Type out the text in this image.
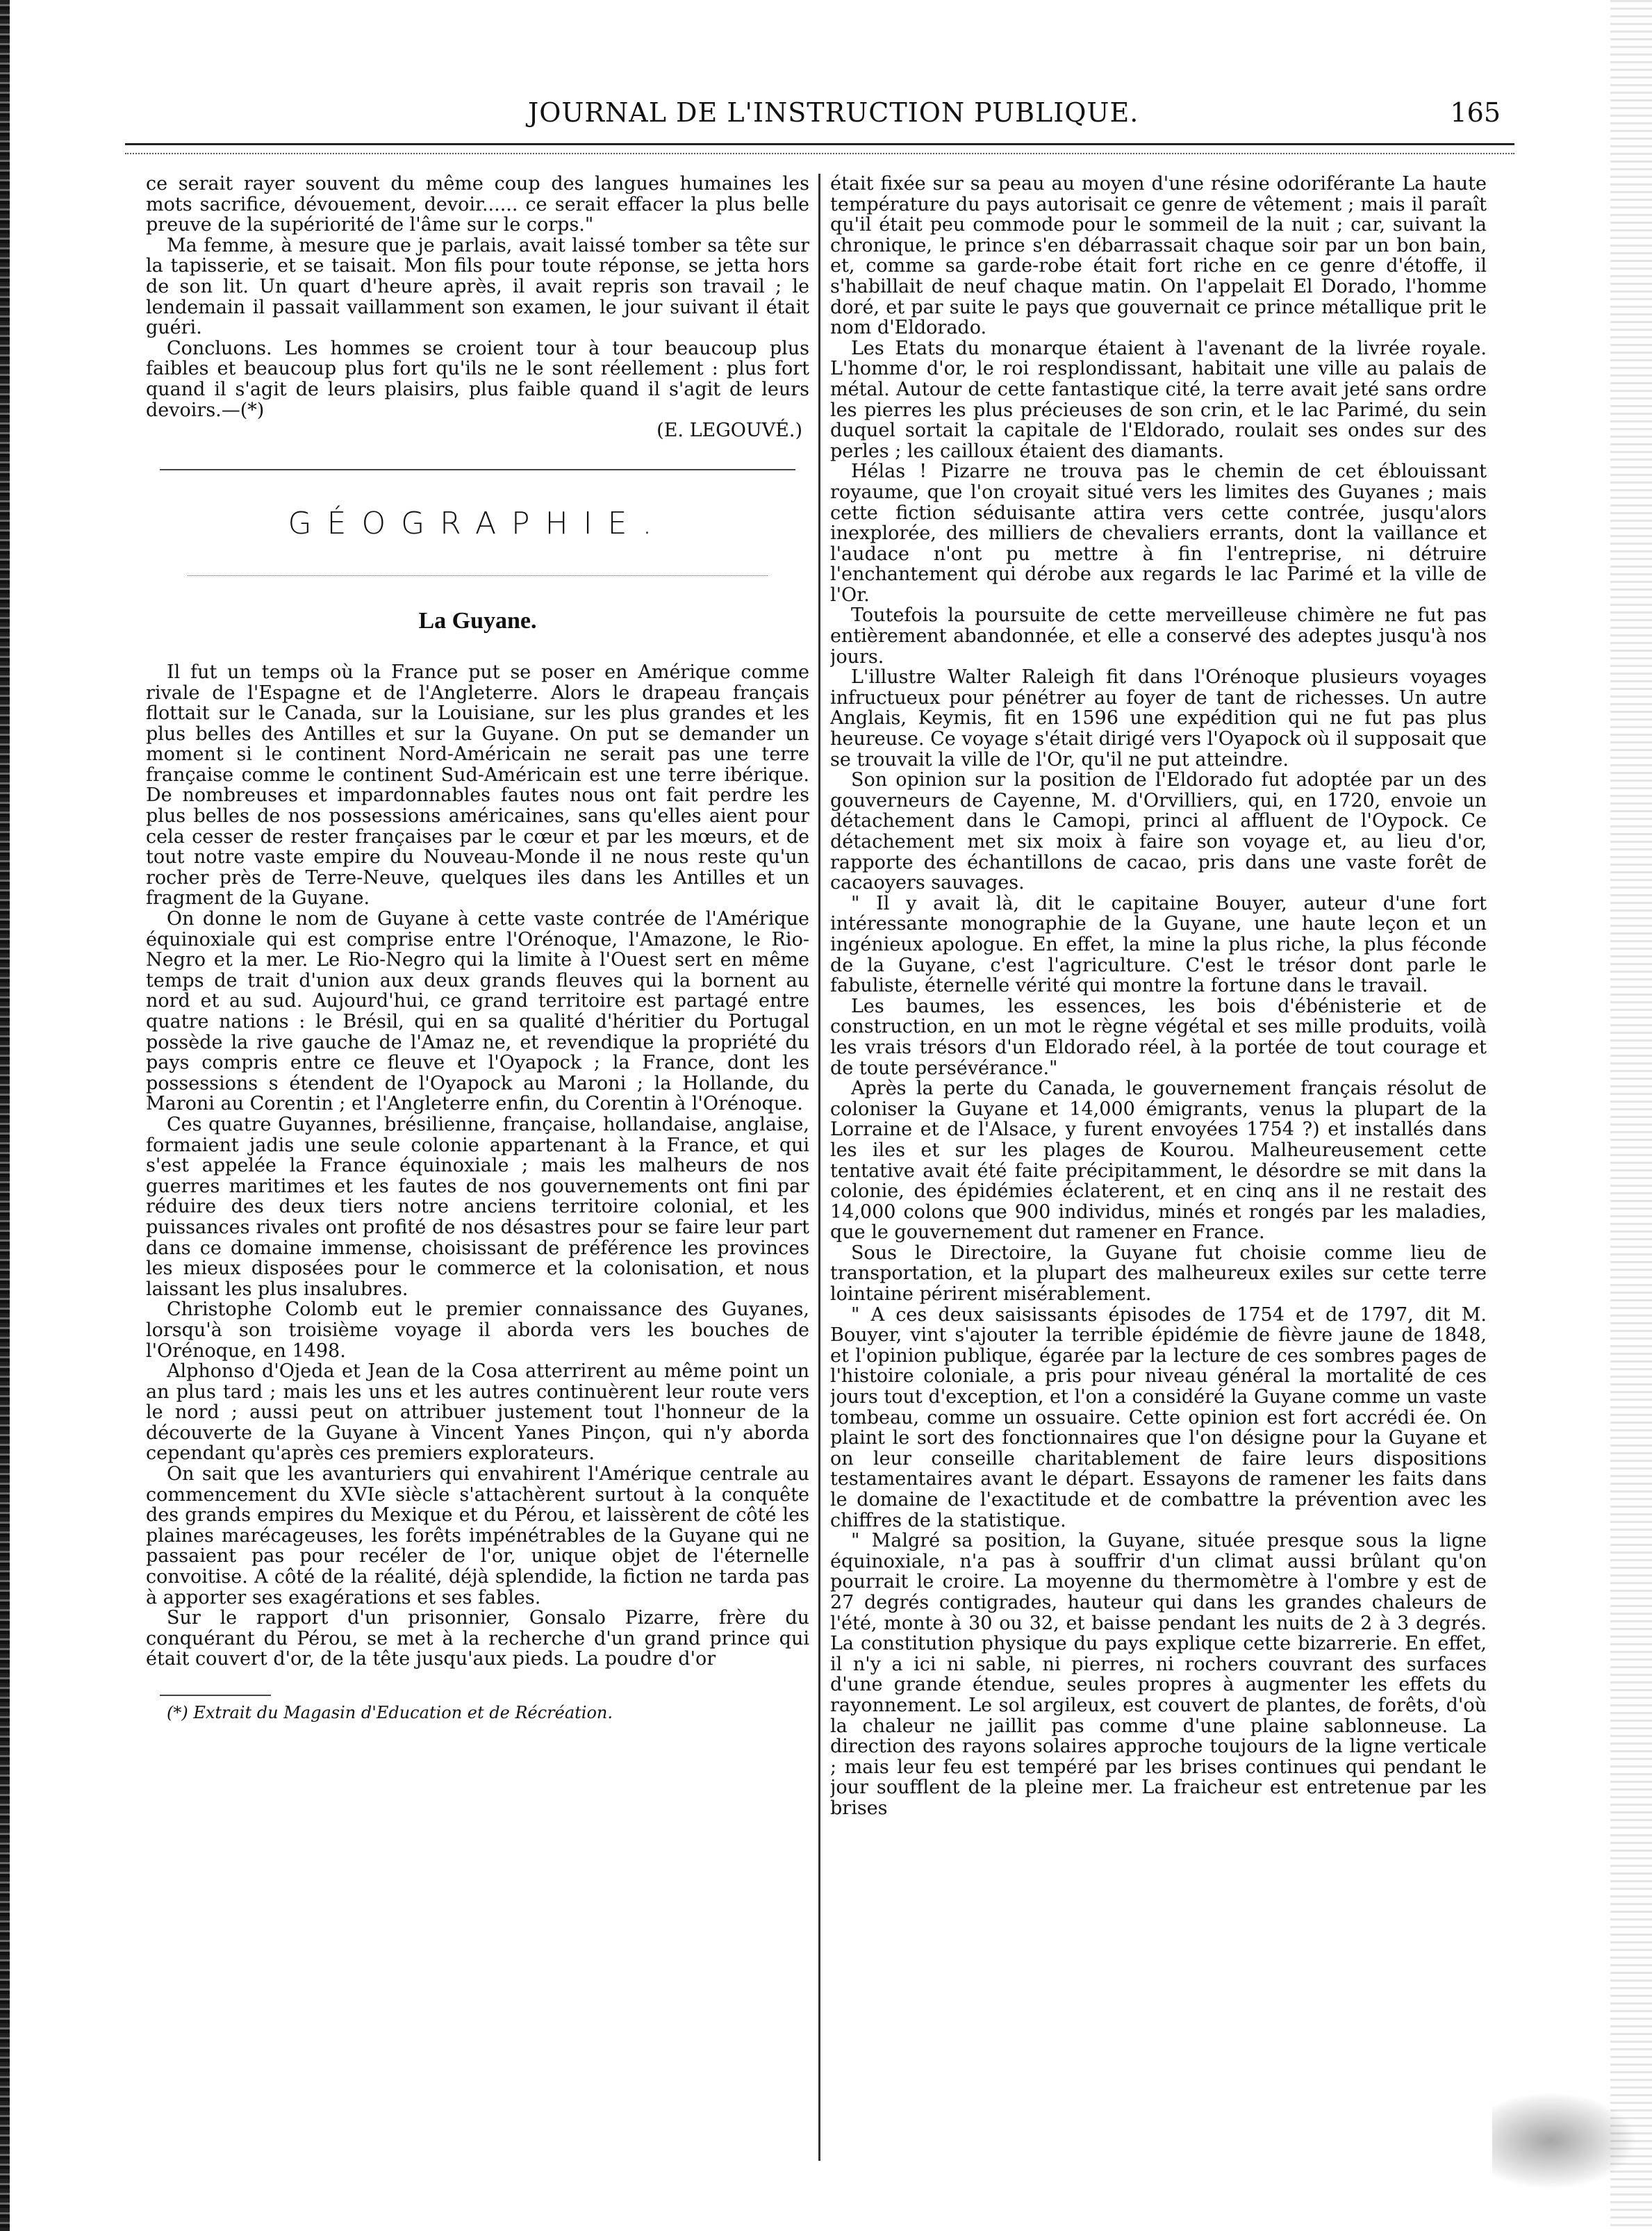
JOURNAL DE L'INSTRUCTION PUBLIQUE.	165

ce serait rayer souvent du même coup des langues humaines les mots sacrifice, dévouement, devoir...... ce serait effacer la plus belle preuve de la supériorité de l'âme sur le corps."

Ma femme, à mesure que je parlais, avait laissé tomber sa tête sur la tapisserie, et se taisait. Mon fils pour toute réponse, se jetta hors de son lit. Un quart d'heure après, il avait repris son travail ; le lendemain il passait vaillamment son examen, le jour suivant il était guéri.

Concluons. Les hommes se croient tour à tour beaucoup plus faibles et beaucoup plus fort qu'ils ne le sont réellement : plus fort quand il s'agit de leurs plaisirs, plus faible quand il s'agit de leurs devoirs.—(*)

(E. LEGOUVÉ.)

GÉOGRAPHIE.
La Guyane.

Il fut un temps où la France put se poser en Amérique comme rivale de l'Espagne et de l'Angleterre. Alors le drapeau français flottait sur le Canada, sur la Louisiane, sur les plus grandes et les plus belles des Antilles et sur la Guyane. On put se demander un moment si le continent Nord-Américain ne serait pas une terre française comme le continent Sud-Américain est une terre ibérique. De nombreuses et impardonnables fautes nous ont fait perdre les plus belles de nos possessions américaines, sans qu'elles aient pour cela cesser de rester françaises par le cœur et par les mœurs, et de tout notre vaste empire du Nouveau-Monde il ne nous reste qu'un rocher près de Terre-Neuve, quelques iles dans les Antilles et un fragment de la Guyane.

On donne le nom de Guyane à cette vaste contrée de l'Amérique équinoxiale qui est comprise entre l'Orénoque, l'Amazone, le Rio-Negro et la mer. Le Rio-Negro qui la limite à l'Ouest sert en même temps de trait d'union aux deux grands fleuves qui la bornent au nord et au sud. Aujourd'hui, ce grand territoire est partagé entre quatre nations : le Brésil, qui en sa qualité d'héritier du Portugal possède la rive gauche de l'Amaz ne, et revendique la propriété du pays compris entre ce fleuve et l'Oyapock ; la France, dont les possessions s étendent de l'Oyapock au Maroni ; la Hollande, du Maroni au Corentin ; et l'Angleterre enfin, du Corentin à l'Orénoque.

Ces quatre Guyannes, brésilienne, française, hollandaise, anglaise, formaient jadis une seule colonie appartenant à la France, et qui s'est appelée la France équinoxiale ; mais les malheurs de nos guerres maritimes et les fautes de nos gouvernements ont fini par réduire des deux tiers notre anciens territoire colonial, et les puissances rivales ont profité de nos désastres pour se faire leur part dans ce domaine immense, choisissant de préférence les provinces les mieux disposées pour le commerce et la colonisation, et nous laissant les plus insalubres.

Christophe Colomb eut le premier connaissance des Guyanes, lorsqu'à son troisième voyage il aborda vers les bouches de l'Orénoque, en 1498.

Alphonso d'Ojeda et Jean de la Cosa atterrirent au même point un an plus tard ; mais les uns et les autres continuèrent leur route vers le nord ; aussi peut on attribuer justement tout l'honneur de la découverte de la Guyane à Vincent Yanes Pinçon, qui n'y aborda cependant qu'après ces premiers explorateurs.

On sait que les avanturiers qui envahirent l'Amérique centrale au commencement du XVIe siècle s'attachèrent surtout à la conquête des grands empires du Mexique et du Pérou, et laissèrent de côté les plaines marécageuses, les forêts impénétrables de la Guyane qui ne passaient pas pour recéler de l'or, unique objet de l'éternelle convoitise. A côté de la réalité, déjà splendide, la fiction ne tarda pas à apporter ses exagérations et ses fables.

Sur le rapport d'un prisonnier, Gonsalo Pizarre, frère du conquérant du Pérou, se met à la recherche d'un grand prince qui était couvert d'or, de la tête jusqu'aux pieds. La poudre d'or

(*) Extrait du Magasin d'Education et de Récréation.

était fixée sur sa peau au moyen d'une résine odoriférante La haute température du pays autorisait ce genre de vêtement ; mais il paraît qu'il était peu commode pour le sommeil de la nuit ; car, suivant la chronique, le prince s'en débarrassait chaque soir par un bon bain, et, comme sa garde-robe était fort riche en ce genre d'étoffe, il s'habillait de neuf chaque matin. On l'appelait El Dorado, l'homme doré, et par suite le pays que gouvernait ce prince métallique prit le nom d'Eldorado.

Les Etats du monarque étaient à l'avenant de la livrée royale. L'homme d'or, le roi resplondissant, habitait une ville au palais de métal. Autour de cette fantastique cité, la terre avait jeté sans ordre les pierres les plus précieuses de son crin, et le lac Parimé, du sein duquel sortait la capitale de l'Eldorado, roulait ses ondes sur des perles ; les cailloux étaient des diamants.

Hélas ! Pizarre ne trouva pas le chemin de cet éblouissant royaume, que l'on croyait situé vers les limites des Guyanes ; mais cette fiction séduisante attira vers cette contrée, jusqu'alors inexplorée, des milliers de chevaliers errants, dont la vaillance et l'audace n'ont pu mettre à fin l'entreprise, ni détruire l'enchantement qui dérobe aux regards le lac Parimé et la ville de l'Or.

Toutefois la poursuite de cette merveilleuse chimère ne fut pas entièrement abandonnée, et elle a conservé des adeptes jusqu'à nos jours.

L'illustre Walter Raleigh fit dans l'Orénoque plusieurs voyages infructueux pour pénétrer au foyer de tant de richesses. Un autre Anglais, Keymis, fit en 1596 une expédition qui ne fut pas plus heureuse. Ce voyage s'était dirigé vers l'Oyapock où il supposait que se trouvait la ville de l'Or, qu'il ne put atteindre.

Son opinion sur la position de l'Eldorado fut adoptée par un des gouverneurs de Cayenne, M. d'Orvilliers, qui, en 1720, envoie un détachement dans le Camopi, princi al affluent de l'Oypock. Ce détachement met six moix à faire son voyage et, au lieu d'or, rapporte des échantillons de cacao, pris dans une vaste forêt de cacaoyers sauvages.

" Il y avait là, dit le capitaine Bouyer, auteur d'une fort intéressante monographie de la Guyane, une haute leçon et un ingénieux apologue. En effet, la mine la plus riche, la plus féconde de la Guyane, c'est l'agriculture. C'est le trésor dont parle le fabuliste, éternelle vérité qui montre la fortune dans le travail.

Les baumes, les essences, les bois d'ébénisterie et de construction, en un mot le règne végétal et ses mille produits, voilà les vrais trésors d'un Eldorado réel, à la portée de tout courage et de toute persévérance."

Après la perte du Canada, le gouvernement français résolut de coloniser la Guyane et 14,000 émigrants, venus la plupart de la Lorraine et de l'Alsace, y furent envoyées 1754 ?) et installés dans les iles et sur les plages de Kourou. Malheureusement cette tentative avait été faite précipitamment, le désordre se mit dans la colonie, des épidémies éclaterent, et en cinq ans il ne restait des 14,000 colons que 900 individus, minés et rongés par les maladies, que le gouvernement dut ramener en France.

Sous le Directoire, la Guyane fut choisie comme lieu de transportation, et la plupart des malheureux exiles sur cette terre lointaine périrent misérablement.

" A ces deux saisissants épisodes de 1754 et de 1797, dit M. Bouyer, vint s'ajouter la terrible épidémie de fièvre jaune de 1848, et l'opinion publique, égarée par la lecture de ces sombres pages de l'histoire coloniale, a pris pour niveau général la mortalité de ces jours tout d'exception, et l'on a considéré la Guyane comme un vaste tombeau, comme un ossuaire. Cette opinion est fort accrédi ée. On plaint le sort des fonctionnaires que l'on désigne pour la Guyane et on leur conseille charitablement de faire leurs dispositions testamentaires avant le départ. Essayons de ramener les faits dans le domaine de l'exactitude et de combattre la prévention avec les chiffres de la statistique.

" Malgré sa position, la Guyane, située presque sous la ligne équinoxiale, n'a pas à souffrir d'un climat aussi brûlant qu'on pourrait le croire. La moyenne du thermomètre à l'ombre y est de 27 degrés contigrades, hauteur qui dans les grandes chaleurs de l'été, monte à 30 ou 32, et baisse pendant les nuits de 2 à 3 degrés. La constitution physique du pays explique cette bizarrerie. En effet, il n'y a ici ni sable, ni pierres, ni rochers couvrant des surfaces d'une grande étendue, seules propres à augmenter les effets du rayonnement. Le sol argileux, est couvert de plantes, de forêts, d'où la chaleur ne jaillit pas comme d'une plaine sablonneuse. La direction des rayons solaires approche toujours de la ligne verticale ; mais leur feu est tempéré par les brises continues qui pendant le jour soufflent de la pleine mer. La fraicheur est entretenue par les brises
